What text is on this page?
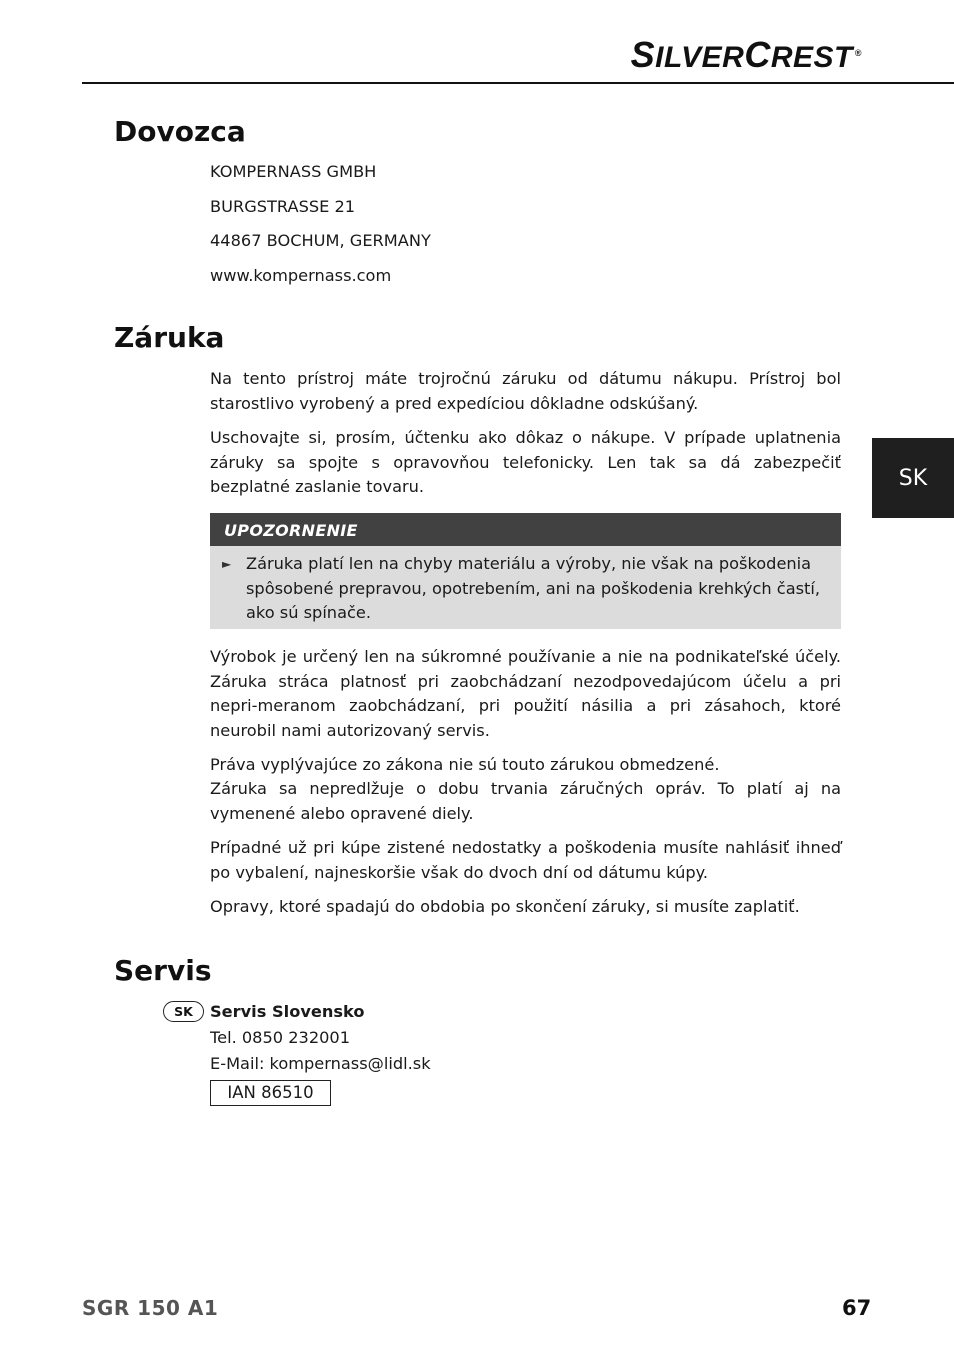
SILVERCREST ®
SK
Dovozca
KOMPERNASS GMBH
BURGSTRASSE 21
44867 BOCHUM, GERMANY
www.kompernass.com
Záruka
Na tento prístroj máte trojročnú záruku od dátumu nákupu. Prístroj bol starostlivo vyrobený a pred expedíciou dôkladne odskúšaný.
Uschovajte si, prosím, účtenku ako dôkaz o nákupe. V prípade uplatnenia záruky sa spojte s opravovňou telefonicky. Len tak sa dá zabezpečiť bezplatné zaslanie tovaru.
UPOZORNENIE
► Záruka platí len na chyby materiálu a výroby, nie však na poškodenia spôsobené prepravou, opotrebením, ani na poškodenia krehkých častí, ako sú spínače.
Výrobok je určený len na súkromné používanie a nie na podnikateľské účely. Záruka stráca platnosť pri zaobchádzaní nezodpovedajúcom účelu a pri nepri-meranom zaobchádzaní, pri použití násilia a pri zásahoch, ktoré neurobil nami autorizovaný servis.
Práva vyplývajúce zo zákona nie sú touto zárukou obmedzené.
Záruka sa nepredlžuje o dobu trvania záručných opráv. To platí aj na vymenené alebo opravené diely.
Prípadné už pri kúpe zistené nedostatky a poškodenia musíte nahlásiť ihneď po vybalení, najneskoršie však do dvoch dní od dátumu kúpy.
Opravy, ktoré spadajú do obdobia po skončení záruky, si musíte zaplatiť.
Servis
SK	Servis Slovensko
Tel. 0850 232001
E-Mail: kompernass@lidl.sk
IAN 86510
SGR 150 A1	67
